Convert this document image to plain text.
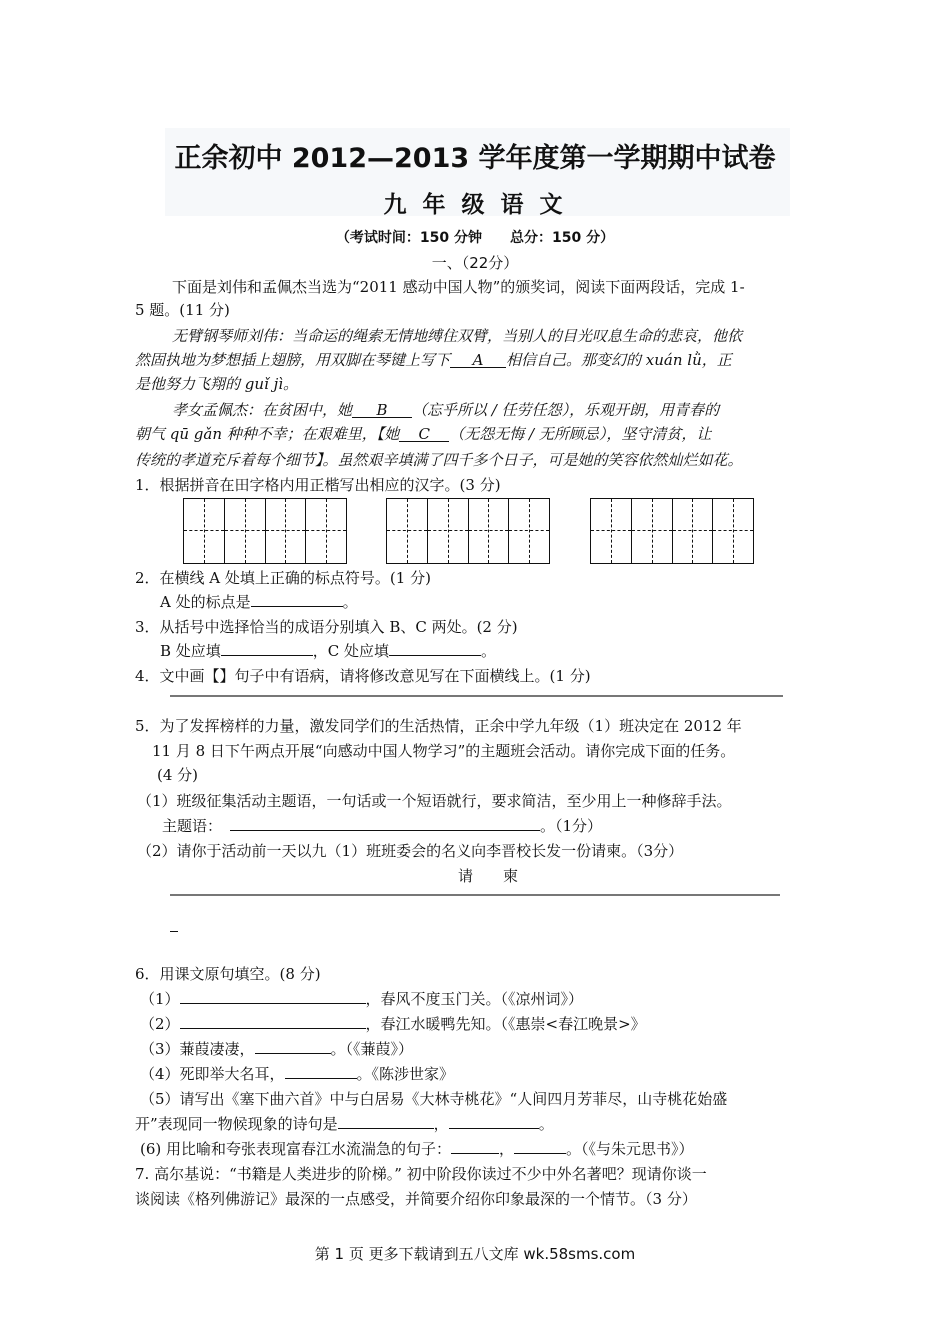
正余初中 2012—2013 学年度第一学期期中试卷
九 年 级 语 文
（考试时间：150 分钟　　总分：150 分）
一、（22分）
下面是刘伟和孟佩杰当选为“2011 感动中国人物”的颁奖词，阅读下面两段话，完成 1-
5 题。(11 分)
无臂钢琴师刘伟：当命运的绳索无情地缚住双臂，当别人的目光叹息生命的悲哀，他依
然固执地为梦想插上翅膀，用双脚在琴键上写下 A 相信自己。那变幻的 xuán lǜ，正
是他努力飞翔的 guǐ jì。
孝女孟佩杰：在贫困中，她 B （忘乎所以 / 任劳任怨），乐观开朗，用青春的
朝气 qū gǎn 种种不幸；在艰难里，【她 C （无怨无悔 / 无所顾忌），坚守清贫，让
传统的孝道充斥着每个细节】。虽然艰辛填满了四千多个日子，可是她的笑容依然灿烂如花。
1．根据拼音在田字格内用正楷写出相应的汉字。(3 分)
2．在横线 A 处填上正确的标点符号。(1 分)
A 处的标点是	。
3．从括号中选择恰当的成语分别填入 B、C 两处。(2 分)
B 处应填	，C 处应填	。
4．文中画【】句子中有语病，请将修改意见写在下面横线上。(1 分)
5．为了发挥榜样的力量，激发同学们的生活热情，正余中学九年级（1）班决定在 2012 年
11 月 8 日下午两点开展“向感动中国人物学习”的主题班会活动。请你完成下面的任务。
(4 分)
（1）班级征集活动主题语，一句话或一个短语就行，要求简洁，至少用上一种修辞手法。
主题语：	。（1分）
（2）请你于活动前一天以九（1）班班委会的名义向李晋校长发一份请柬。（3分）
请　　柬
6．用课文原句填空。(8 分)
（1）	，春风不度玉门关。（《凉州词》）
（2）	，春江水暖鸭先知。（《惠崇<春江晚景>》
（3）蒹葭凄凄，	。（《蒹葭》）
（4）死即举大名耳，	。《陈涉世家》
（5）请写出《塞下曲六首》中与白居易《大林寺桃花》“人间四月芳菲尽，山寺桃花始盛
开”表现同一物候现象的诗句是	，	。
(6) 用比喻和夸张表现富春江水流湍急的句子：	，	。（《与朱元思书》）
7. 高尔基说：“书籍是人类进步的阶梯。” 初中阶段你读过不少中外名著吧？现请你谈一
谈阅读《格列佛游记》最深的一点感受，并简要介绍你印象最深的一个情节。（3 分）
第 1 页 更多下载请到五八文库 wk.58sms.com
